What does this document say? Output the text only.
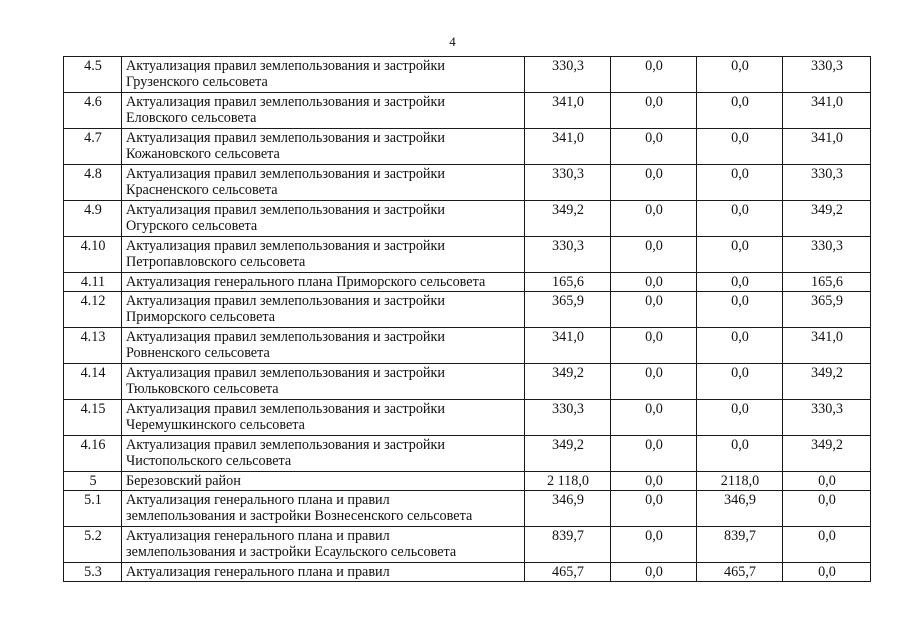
4
4.5	Актуализация правил землепользования и застройки
Грузенского сельсовета	330,3	0,0	0,0	330,3
4.6	Актуализация правил землепользования и застройки
Еловского сельсовета	341,0	0,0	0,0	341,0
4.7	Актуализация правил землепользования и застройки
Кожановского сельсовета	341,0	0,0	0,0	341,0
4.8	Актуализация правил землепользования и застройки
Красненского сельсовета	330,3	0,0	0,0	330,3
4.9	Актуализация правил землепользования и застройки
Огурского сельсовета	349,2	0,0	0,0	349,2
4.10	Актуализация правил землепользования и застройки
Петропавловского сельсовета	330,3	0,0	0,0	330,3
4.11	Актуализация генерального плана Приморского сельсовета	165,6	0,0	0,0	165,6
4.12	Актуализация правил землепользования и застройки
Приморского сельсовета	365,9	0,0	0,0	365,9
4.13	Актуализация правил землепользования и застройки
Ровненского сельсовета	341,0	0,0	0,0	341,0
4.14	Актуализация правил землепользования и застройки
Тюльковского сельсовета	349,2	0,0	0,0	349,2
4.15	Актуализация правил землепользования и застройки
Черемушкинского сельсовета	330,3	0,0	0,0	330,3
4.16	Актуализация правил землепользования и застройки
Чистопольского сельсовета	349,2	0,0	0,0	349,2
5	Березовский район	2 118,0	0,0	2118,0	0,0
5.1	Актуализация генерального плана и правил
землепользования и застройки Вознесенского сельсовета	346,9	0,0	346,9	0,0
5.2	Актуализация генерального плана и правил
землепользования и застройки Есаульского сельсовета	839,7	0,0	839,7	0,0
5.3	Актуализация генерального плана и правил	465,7	0,0	465,7	0,0
